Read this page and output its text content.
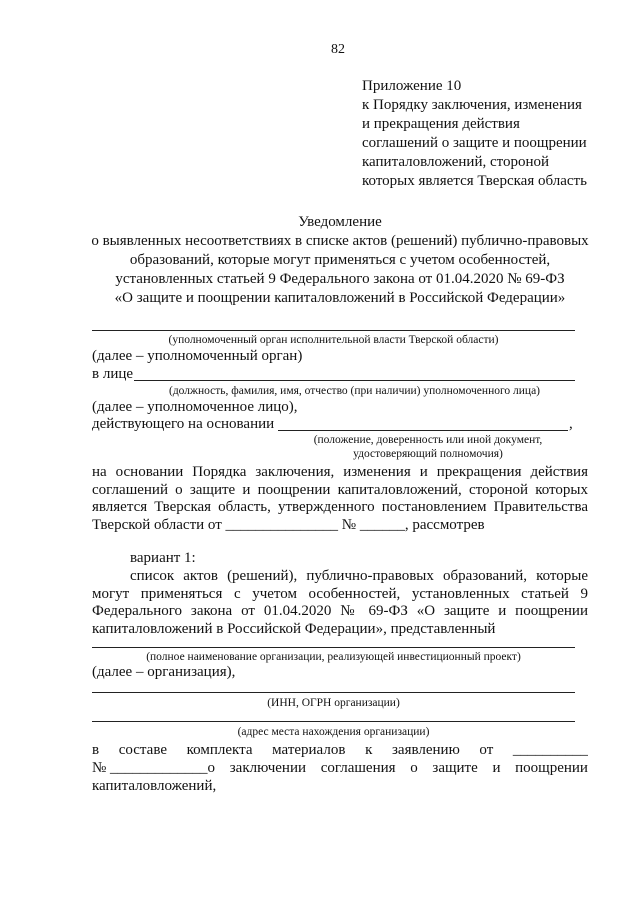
82
Приложение 10
к Порядку заключения, изменения
и прекращения действия
соглашений о защите и поощрении
капиталовложений, стороной
которых является Тверская область
Уведомление
о выявленных несоответствиях в списке актов (решений) публично-правовых
образований, которые могут применяться с учетом особенностей,
установленных статьей 9 Федерального закона от 01.04.2020 № 69-ФЗ
«О защите и поощрении капиталовложений в Российской Федерации»
(уполномоченный орган исполнительной власти Тверской области)
(далее – уполномоченный орган)
в лице
(должность, фамилия, имя, отчество (при наличии) уполномоченного лица)
(далее – уполномоченное лицо),
действующего на основании	,
(положение, доверенность или иной документ,
удостоверяющий полномочия)
на основании Порядка заключения, изменения и прекращения действия
соглашений о защите и поощрении капиталовложений, стороной которых
является Тверская область, утвержденного постановлением Правительства
Тверской области от _______________ № ______, рассмотрев
вариант 1:
список актов (решений), публично-правовых образований, которые
могут применяться с учетом особенностей, установленных статьей 9
Федерального закона от 01.04.2020 № 69-ФЗ «О защите и поощрении
капиталовложений в Российской Федерации», представленный
(полное наименование организации, реализующей инвестиционный проект)
(далее – организация),
(ИНН, ОГРН организации)
(адрес места нахождения организации)
в составе комплекта материалов к заявлению от __________
№ _____________о заключении соглашения о защите и поощрении
капиталовложений,
